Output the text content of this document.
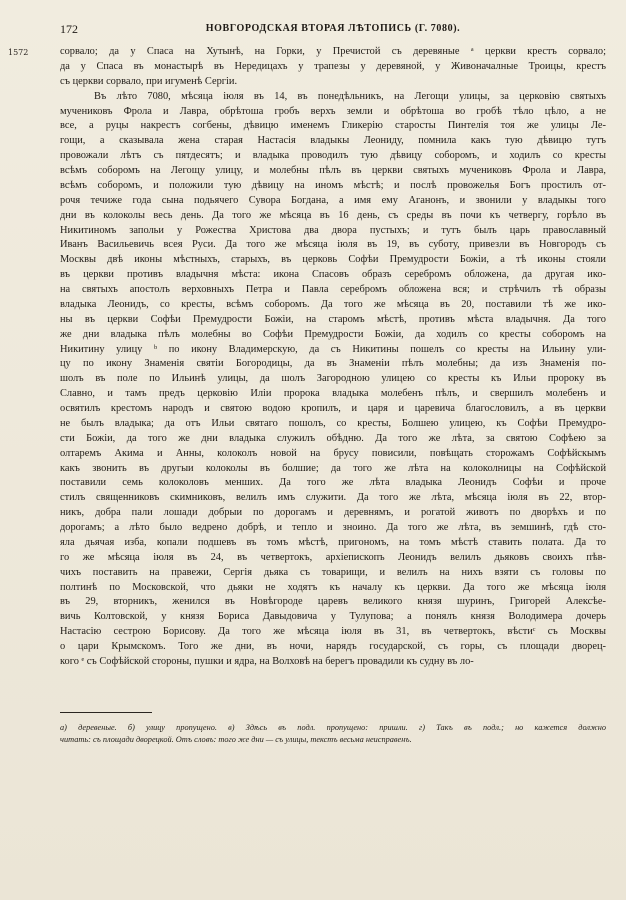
172	НОВГОРОДСКАЯ ВТОРАЯ ЛѢТОПИСЬ (Г. 7080).
1572	сорвало; да у Спаса на Хутынѣ, на Горки, у Пречистой съ деревяные ᵃ церкви крестъ сорвало;
да у Спаса въ монастырѣ въ Нередицахъ у трапезы у деревяной, у Живоначалные Троицы, крестъ
съ церкви сорвало, при игуменѣ Сергіи.
Въ лѣто 7080, мѣсяца іюля въ 14, въ понедѣльникъ, на Легощи улицы, за церковію святыхъ
мучениковъ Фрола и Лавра, обрѣтоша гробъ верхъ земли и обрѣтоша во гробѣ тѣло цѣло, а не
все, а руцы накрестъ согбены, дѣвицю именемъ Гликерію старосты Пинтелія тоя же улицы Ле-
гощи, а сказывала жена старая Настасія владыкы Леониду, помнила какъ тую дѣвицю тутъ
провожали лѣтъ съ пятдесятъ; и владыка проводилъ тую дѣвицу соборомъ, и ходилъ со кресты
всѣмъ соборомъ на Легощу улицу, и молебны пѣлъ въ церкви святыхъ мучениковъ Фрола и Лавра,
всѣмъ соборомъ, и положили тую дѣвицу на иномъ мѣстѣ; и послѣ провожелья Богъ простилъ от-
рочя течиже года сына подьячего Сувора Богдана, а имя ему Аганонъ, и звонили у владыкы того
дни въ колоколы весь день. Да того же мѣсяца въ 16 день, съ среды въ почи къ четвергу, горѣло въ
Никитиномъ запольи у Рожества Христова два двора пустыхъ; и тутъ былъ царь православный
Иванъ Васильевичь всея Руси. Да того же мѣсяца іюля въ 19, въ суботу, привезли въ Новгородъ съ
Москвы двѣ иконы мѣстныхъ, старыхъ, въ церковь Софѣи Премудрости Божіи, а тѣ иконы стояли
въ церкви противъ владычня мѣста: икона Спасовъ образъ серебромъ обложена, да другая ико-
на святыхъ апостолъ верховныхъ Петра и Павла серебромъ обложена вся; и стрѣчилъ тѣ образы
владыка Леонидъ, со кресты, всѣмъ соборомъ. Да того же мѣсяца въ 20, поставили тѣ же ико-
ны въ церкви Софѣи Премудрости Божіи, на старомъ мѣстѣ, противъ мѣста владычня. Да того
же дни владыка пѣлъ молебны во Софѣи Премудрости Божіи, да ходилъ со кресты соборомъ на
Никитину улицу ᵇ по икону Владимерскую, да съ Никитины пошелъ со кресты на Ильину ули-
цу по икону Знаменія святіи Богородицы, да въ Знаменіи пѣлъ молебны; да изъ Знаменія по-
шолъ въ поле по Ильинѣ улицы, да шолъ Загородною улицею со кресты къ Ильи пророку въ
Славно, и тамъ предъ церковію Иліи пророка владыка молебенъ пѣлъ, и свершилъ молебенъ и
освятилъ крестомъ народъ и святою водою кропилъ, и царя и царевича благословилъ, а въ церкви
не былъ владыка; да отъ Ильи святаго пошолъ, со кресты, Болшею улицею, къ Софѣи Премудро-
сти Божіи, да того же дни владыка служилъ обѣдню. Да того же лѣта, за святою Софѣею за
олтаремъ Акима и Анны, колоколъ новой на брусу повисили, повѣщать сторожамъ Софѣйскымъ
какъ звонить въ другыи колоколы въ болшие; да того же лѣта на колоколницы на Софѣйской
поставили семь колоколовъ менших. Да того же лѣта владыка Леонидъ Софѣи и проче
стилъ священниковъ скимниковъ, велилъ имъ служити. Да того же лѣта, мѣсяца іюля въ 22, втор-
никъ, добра пали лошади добрыи по дорогамъ и деревнямъ, и рогатой животъ по дворѣхъ и по
дорогамъ; а лѣто было ведрено добрѣ, и тепло и зноино. Да того же лѣта, въ земшинѣ, гдѣ сто-
яла дьячая изба, копали подшевъ въ томъ мѣстѣ, пригономъ, на томъ мѣстѣ ставить полата. Да то
го же мѣсяца іюля въ 24, въ четвертокъ, архіепископъ Леонидъ велилъ дьяковъ своихъ пѣв-
чихъ поставить на правежи, Сергія дьяка съ товарищи, и велилъ на нихъ взяти съ головы по
полтинѣ по Московской, что дьяки не ходятъ къ началу къ церкви. Да того же мѣсяца іюля
въ 29, вторникъ, женился въ Новѣгороде царевъ великого князя шуринъ, Григорей Алексѣе-
вичь Колтовской, у князя Бориса Давыдовича у Тулупова; а понялъ князя Володимера дочерь
Настасію сестрою Борисову. Да того же мѣсяца іюля въ 31, въ четвертокъ, вѣстиᶜ съ Москвы
о цари Крымскомъ. Того же дни, въ ночи, нарядъ государской, съ горы, съ площади дворец-
кого ᵉ съ Софѣйской стороны, пушки и ядра, на Волховѣ на берегъ провадили къ судну въ ло-
а) деревеные. б) улицу пропущено. в) Здѣсь въ подл. пропущено: пришли. г) Такъ въ подл.; но кажется должно
читать: съ площади дворецкой. Отъ словъ: того же дни — съ улицы, текстъ весьма неисправенъ.
